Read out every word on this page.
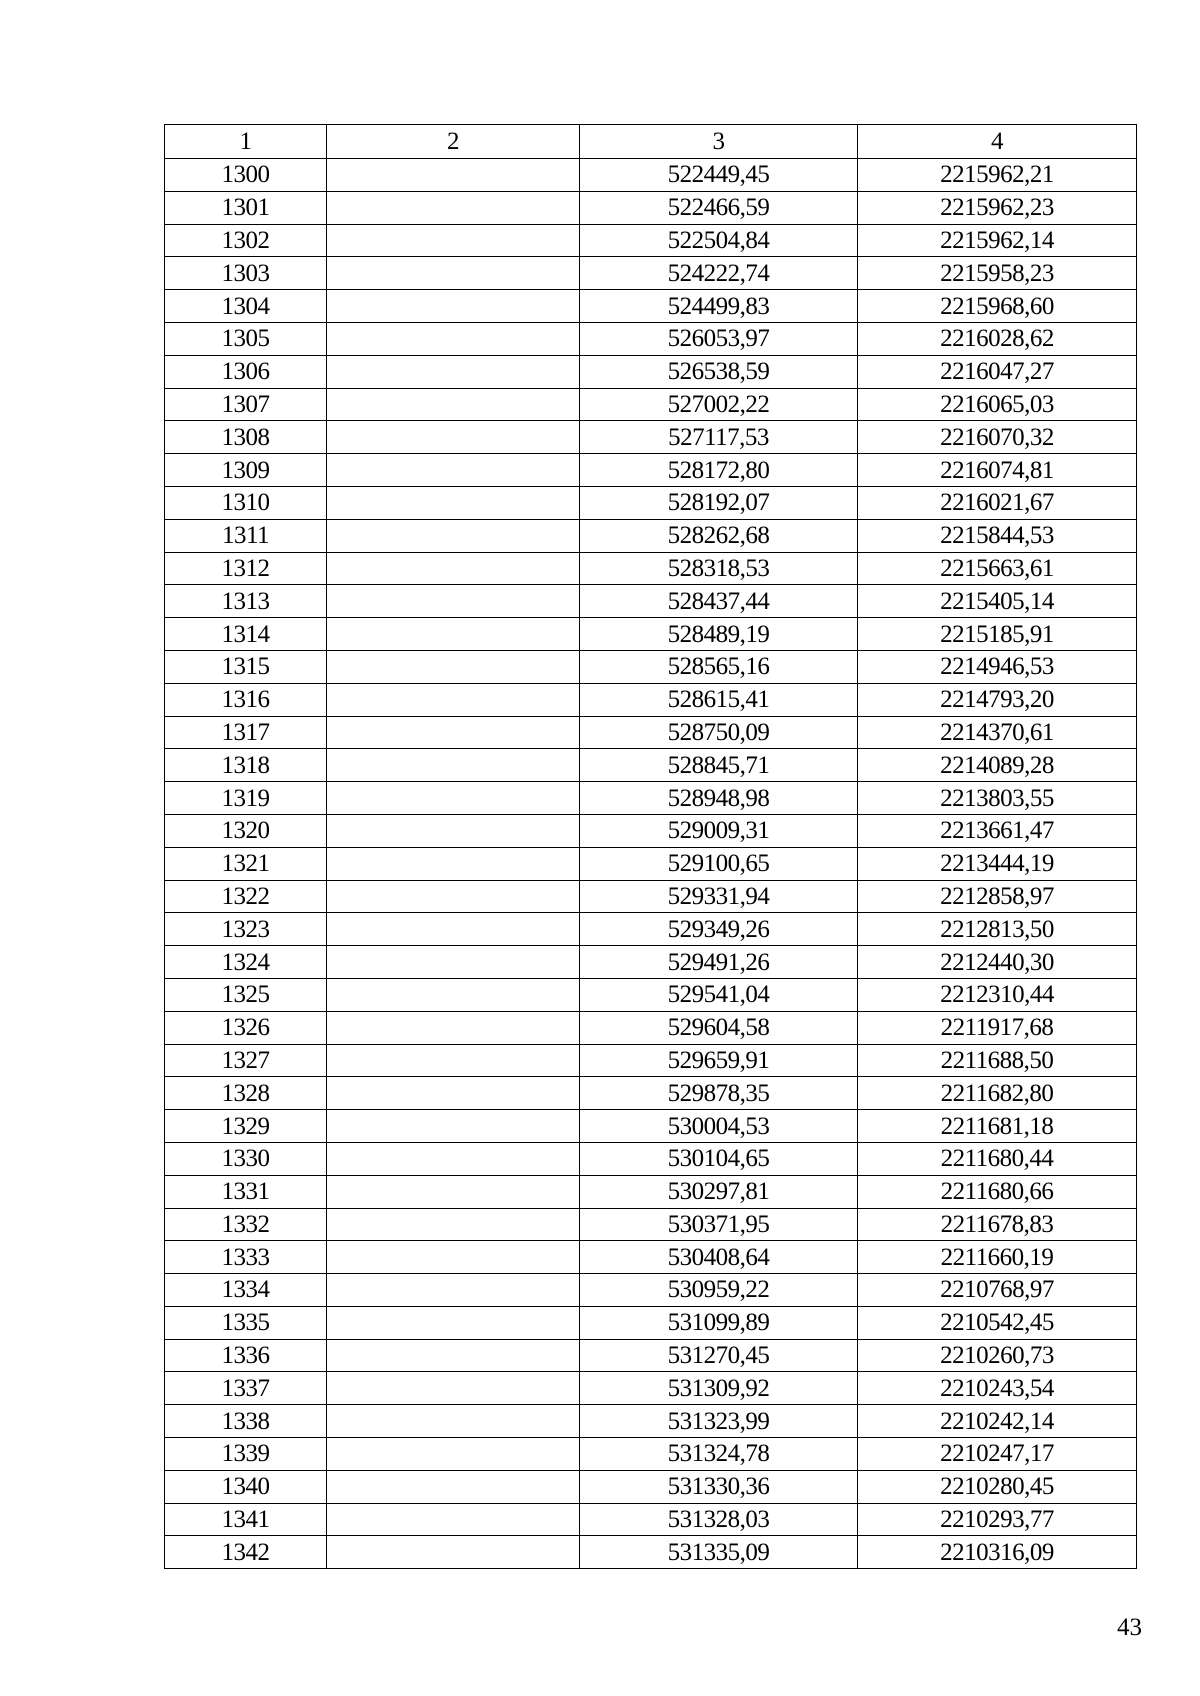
1	2	3	4
1300		522449,45	2215962,21
1301		522466,59	2215962,23
1302		522504,84	2215962,14
1303		524222,74	2215958,23
1304		524499,83	2215968,60
1305		526053,97	2216028,62
1306		526538,59	2216047,27
1307		527002,22	2216065,03
1308		527117,53	2216070,32
1309		528172,80	2216074,81
1310		528192,07	2216021,67
1311		528262,68	2215844,53
1312		528318,53	2215663,61
1313		528437,44	2215405,14
1314		528489,19	2215185,91
1315		528565,16	2214946,53
1316		528615,41	2214793,20
1317		528750,09	2214370,61
1318		528845,71	2214089,28
1319		528948,98	2213803,55
1320		529009,31	2213661,47
1321		529100,65	2213444,19
1322		529331,94	2212858,97
1323		529349,26	2212813,50
1324		529491,26	2212440,30
1325		529541,04	2212310,44
1326		529604,58	2211917,68
1327		529659,91	2211688,50
1328		529878,35	2211682,80
1329		530004,53	2211681,18
1330		530104,65	2211680,44
1331		530297,81	2211680,66
1332		530371,95	2211678,83
1333		530408,64	2211660,19
1334		530959,22	2210768,97
1335		531099,89	2210542,45
1336		531270,45	2210260,73
1337		531309,92	2210243,54
1338		531323,99	2210242,14
1339		531324,78	2210247,17
1340		531330,36	2210280,45
1341		531328,03	2210293,77
1342		531335,09	2210316,09
43
